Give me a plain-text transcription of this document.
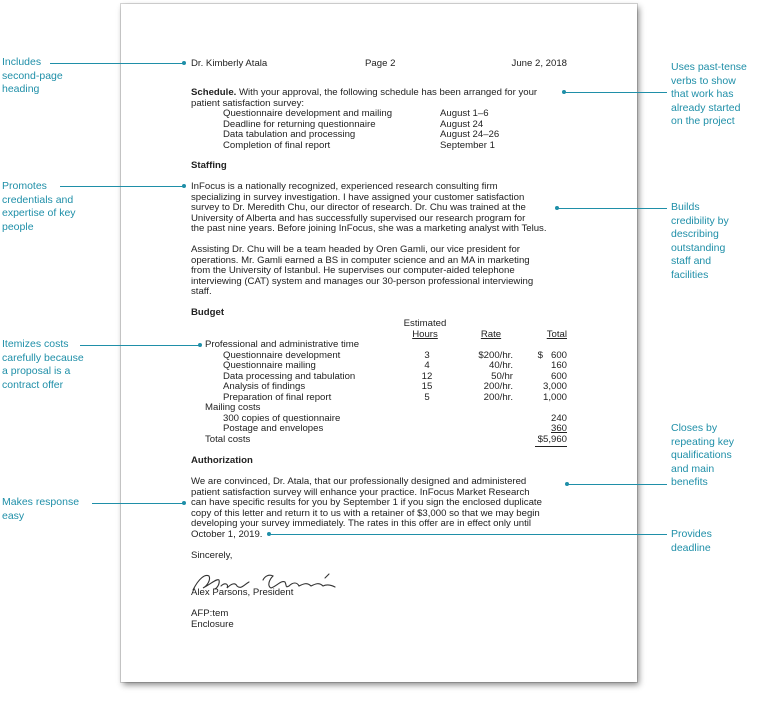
Dr. Kimberly Atala	Page 2	June 2, 2018
Schedule. With your approval, the following schedule has been arranged for your
patient satisfaction survey:
Questionnaire development and mailing	August 1–6
Deadline for returning questionnaire	August 24
Data tabulation and processing	August 24–26
Completion of final report	September 1
Staffing
InFocus is a nationally recognized, experienced research consulting firm
specializing in survey investigation. I have assigned your customer satisfaction
survey to Dr. Meredith Chu, our director of research. Dr. Chu was trained at the
University of Alberta and has successfully supervised our research program for
the past nine years. Before joining InFocus, she was a marketing analyst with Telus.
Assisting Dr. Chu will be a team headed by Oren Gamli, our vice president for
operations. Mr. Gamli earned a BS in computer science and an MA in marketing
from the University of Istanbul. He supervises our computer-aided telephone
interviewing (CAT) system and manages our 30-person professional interviewing
staff.
Budget
Estimated
Hours	Rate	Total
Professional and administrative time
Questionnaire development	3	$200/hr.	$   600
Questionnaire mailing	4	40/hr.	160
Data processing and tabulation	12	50/hr	600
Analysis of findings	15	200/hr.	3,000
Preparation of final report	5	200/hr.	1,000
Mailing costs
300 copies of questionnaire	240
Postage and envelopes	360
Total costs	$5,960
Authorization
We are convinced, Dr. Atala, that our professionally designed and administered
patient satisfaction survey will enhance your practice. InFocus Market Research
can have specific results for you by September 1 if you sign the enclosed duplicate
copy of this letter and return it to us with a retainer of $3,000 so that we may begin
developing your survey immediately. The rates in this offer are in effect only until
October 1, 2019.
Sincerely,
Alex Parsons, President
AFP:tem
Enclosure
Includes
second-page
heading
Promotes
credentials and
expertise of key
people
Itemizes costs
carefully because
a proposal is a
contract offer
Makes response
easy
Uses past-tense
verbs to show
that work has
already started
on the project
Builds
credibility by
describing
outstanding
staff and
facilities
Closes by
repeating key
qualifications
and main
benefits
Provides
deadline
